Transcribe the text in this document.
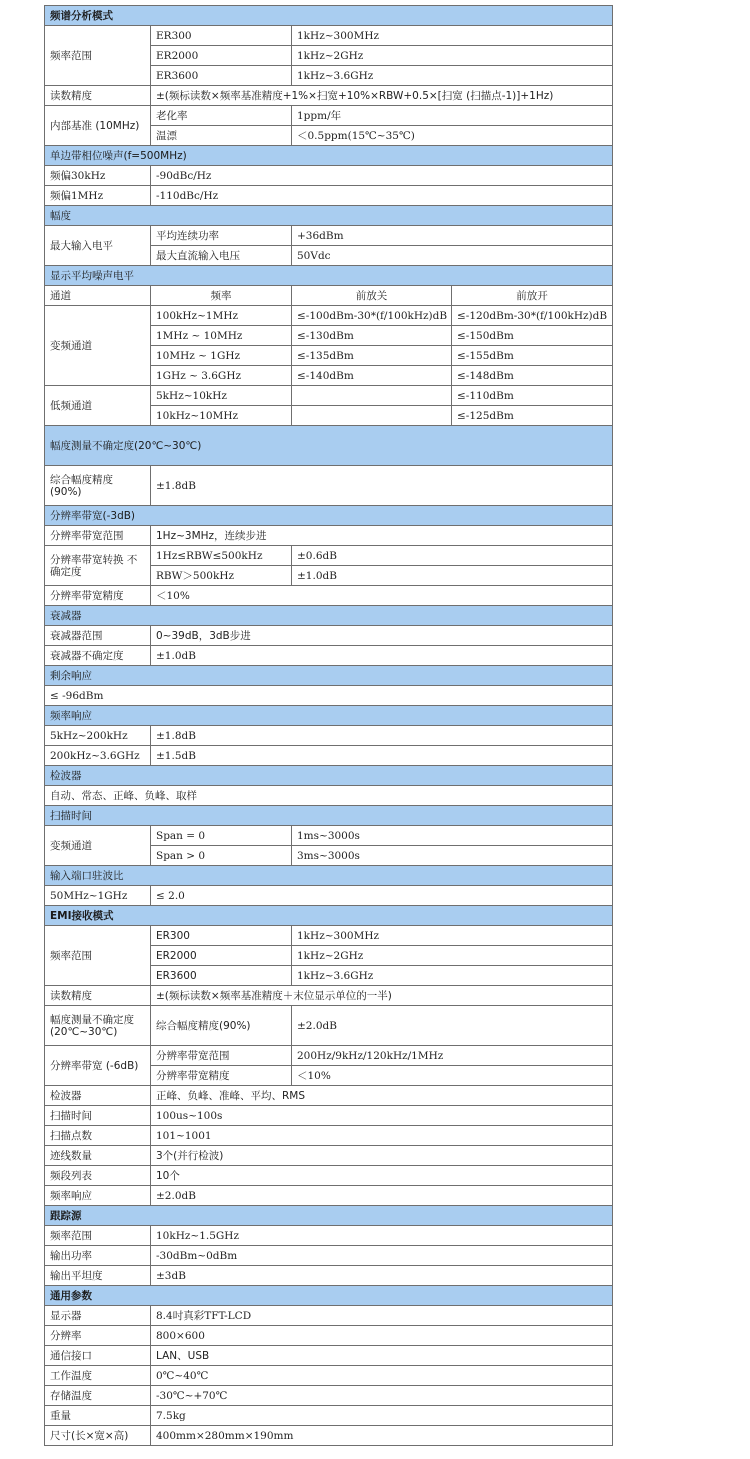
频谱分析模式			
频率范围	ER300	1kHz~300MHz	
	ER2000	1kHz~2GHz	
	ER3600	1kHz~3.6GHz	
读数精度	±(频标读数×频率基准精度+1%×扫宽+10%×RBW+0.5×[扫宽 (扫描点-1)]+1Hz)		
内部基准 (10MHz)	老化率	1ppm/年	
	温漂	＜0.5ppm(15℃~35℃)	
单边带相位噪声(f=500MHz)			
频偏30kHz	-90dBc/Hz		
频偏1MHz	-110dBc/Hz		
幅度			
最大输入电平	平均连续功率	+36dBm	
	最大直流输入电压	50Vdc	
显示平均噪声电平			
通道	频率	前放关	前放开
变频通道	100kHz~1MHz	≤-100dBm-30*(f/100kHz)dB	≤-120dBm-30*(f/100kHz)dB
	1MHz ~ 10MHz	≤-130dBm	≤-150dBm
	10MHz ~ 1GHz	≤-135dBm	≤-155dBm
	1GHz ~ 3.6GHz	≤-140dBm	≤-148dBm
低频通道	5kHz~10kHz		≤-110dBm
	10kHz~10MHz		≤-125dBm
幅度测量不确定度(20℃~30℃)			
综合幅度精度 (90%)	±1.8dB		
分辨率带宽(-3dB)			
分辨率带宽范围	1Hz~3MHz，连续步进		
分辨率带宽转换 不确定度	1Hz≤RBW≤500kHz	±0.6dB	
	RBW＞500kHz	±1.0dB	
分辨率带宽精度	＜10%		
衰减器			
衰减器范围	0~39dB，3dB步进		
衰减器不确定度	±1.0dB		
剩余响应			
≤ -96dBm			
频率响应			
5kHz~200kHz	±1.8dB		
200kHz~3.6GHz	±1.5dB		
检波器			
自动、常态、正峰、负峰、取样			
扫描时间			
变频通道	Span = 0	1ms~3000s	
	Span > 0	3ms~3000s	
输入端口驻波比			
50MHz~1GHz	≤ 2.0		
EMI接收模式			
频率范围	ER300	1kHz~300MHz	
	ER2000	1kHz~2GHz	
	ER3600	1kHz~3.6GHz	
读数精度	±(频标读数×频率基准精度＋末位显示单位的一半)		
幅度测量不确定度(20℃~30℃)	综合幅度精度(90%)	±2.0dB	
分辨率带宽 (-6dB)	分辨率带宽范围	200Hz/9kHz/120kHz/1MHz	
	分辨率带宽精度	＜10%	
检波器	正峰、负峰、准峰、平均、RMS		
扫描时间	100us~100s		
扫描点数	101~1001		
迹线数量	3个(并行检波)		
频段列表	10个		
频率响应	±2.0dB		
跟踪源			
频率范围	10kHz~1.5GHz		
输出功率	-30dBm~0dBm		
输出平坦度	±3dB		
通用参数			
显示器	8.4吋真彩TFT-LCD		
分辨率	800×600		
通信接口	LAN、USB		
工作温度	0℃~40℃		
存储温度	-30℃~+70℃		
重量	7.5kg		
尺寸(长×宽×高)	400mm×280mm×190mm		
